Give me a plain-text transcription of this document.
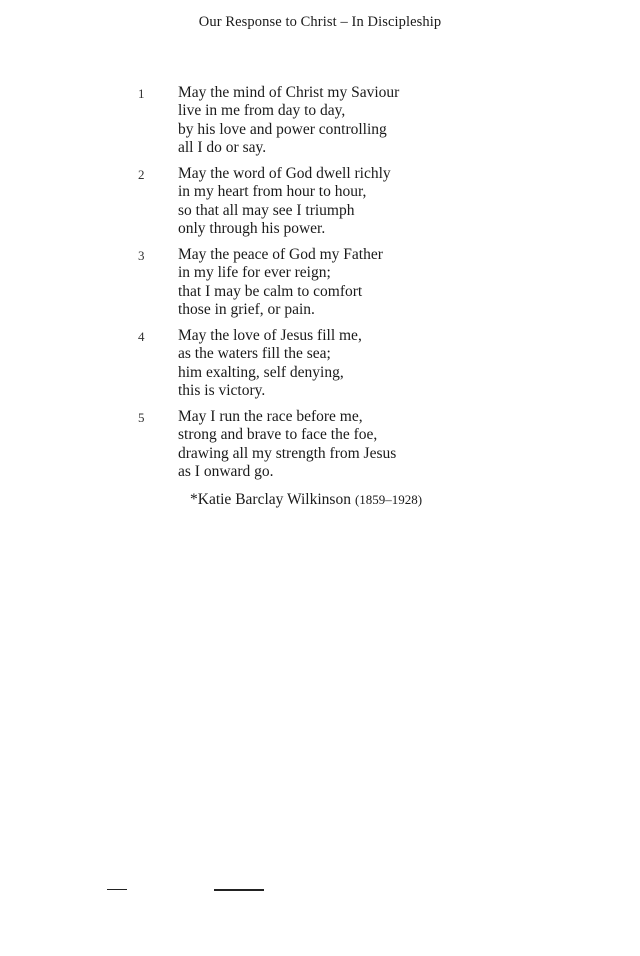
Our Response to Christ – In Discipleship
1 May the mind of Christ my Saviour
live in me from day to day,
by his love and power controlling
all I do or say.
2 May the word of God dwell richly
in my heart from hour to hour,
so that all may see I triumph
only through his power.
3 May the peace of God my Father
in my life for ever reign;
that I may be calm to comfort
those in grief, or pain.
4 May the love of Jesus fill me,
as the waters fill the sea;
him exalting, self denying,
this is victory.
5 May I run the race before me,
strong and brave to face the foe,
drawing all my strength from Jesus
as I onward go.
*Katie Barclay Wilkinson (1859–1928)
